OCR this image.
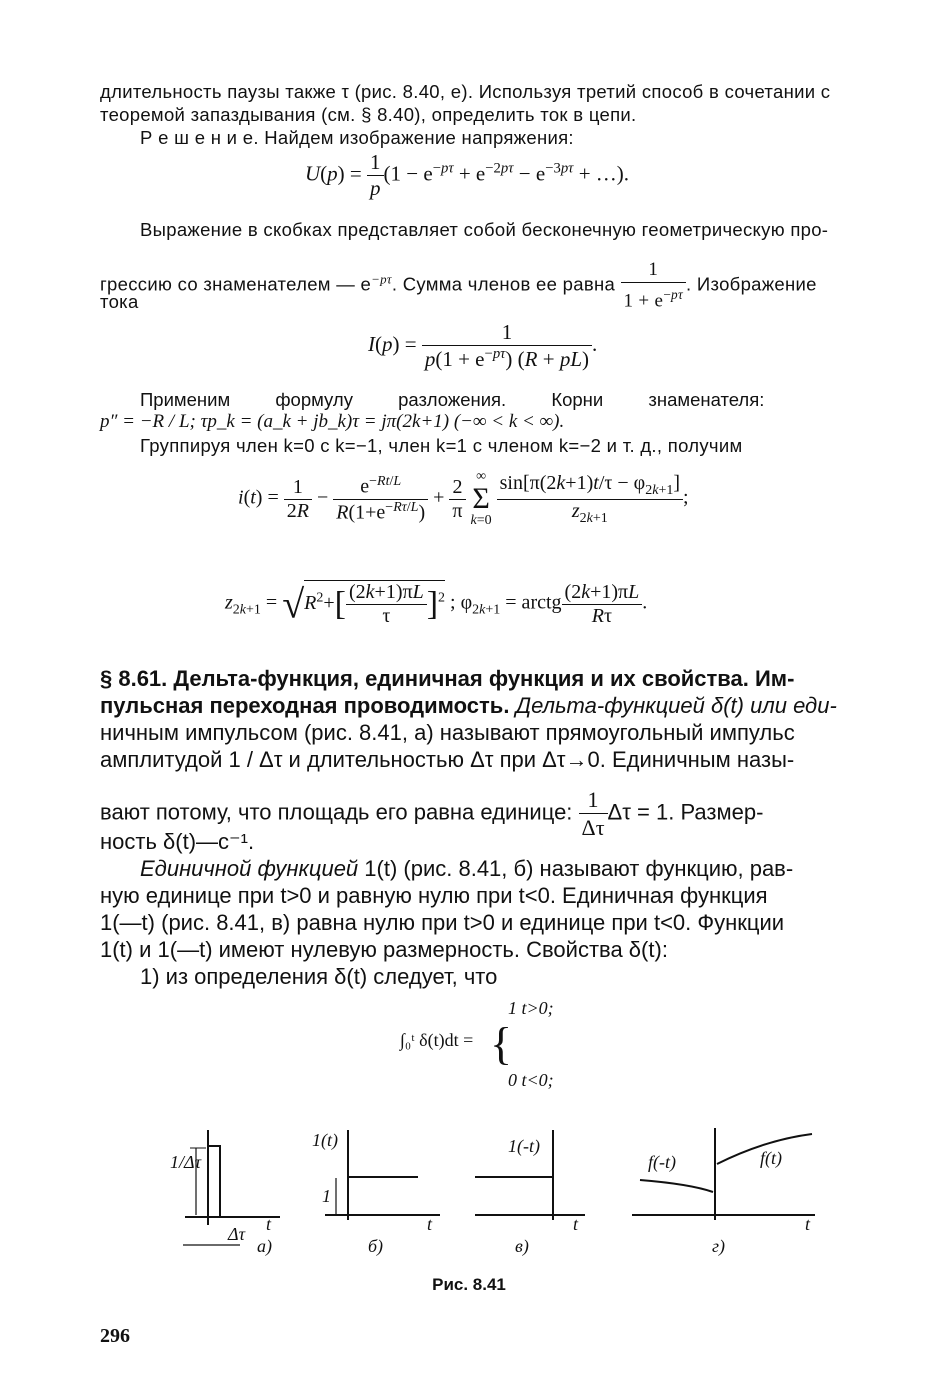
длительность паузы также τ (рис. 8.40, е). Используя третий способ в сочетании с
теоремой запаздывания (см. § 8.40), определить ток в цепи.
Р е ш е н и е. Найдем изображение напряжения:
$U(p) = \frac{1}{p} (1 - e^{-p\tau} + e^{-2p\tau} - e^{-3p\tau}$ + …).
Выражение в скобках представляет собой бесконечную геометрическую про-
грессию со знаменателем — $e^{-p\tau}$. Сумма членов ее равна $\frac{1}{1 + e^{-p\tau}}$ . Изображение
тока
$I(p) = \frac{1}{p(1 + e^{-p\tau}) (R + pL)}$ .
Применим формулу разложения. Корни знаменателя:
p″ = −R / L; τp_k = (a_k + jb_k)τ = jπ(2k+1) (−∞ < k < ∞).
Группируя член k=0 с k=−1, член k=1 с членом k=−2 и т. д., получим
$i(t) = \frac{1}{2R} - \frac{e^{-Rt/L}}{R(1+e^{-R\tau/L})} + \frac{2}{\pi}$ ∞
Σ
$k=0 \frac{\sin[\pi(2k+1)t/\tau - \varphi_{2k+1}]}{z_{2k+1}}$ ;
$z_{2k+1} = √R^2+[ \frac{(2k+1)\pi L}{\tau} ]^2$ ; $\varphi_{2k+1}$ = arctg $\frac{(2k+1)\pi L}{R\tau}$ .
§ 8.61. Дельта-функция, единичная функция и их свойства. Им-
пульсная переходная проводимость. Дельта-функцией δ(t) или еди-
ничным импульсом (рис. 8.41, а) называют прямоугольный импульс
амплитудой 1 / Δτ и длительностью Δτ при Δτ→0. Единичным назы-
вают потому, что площадь его равна единице: $\frac{1}{\Delta\tau}$ Δτ = 1. Размер-
ность δ(t)—c⁻¹.
Единичной функцией 1(t) (рис. 8.41, б) называют функцию, рав-
ную единице при t>0 и равную нулю при t<0. Единичная функция
1(—t) (рис. 8.41, в) равна нулю при t>0 и единице при t<0. Функции
1(t) и 1(—t) имеют нулевую размерность. Свойства δ(t):
1) из определения δ(t) следует, что
∫₀ᵗ δ(t)dt = {
1 t>0;
0 t<0;
1/Δτ
Δτ t
а)
1(t)
1
t
б)
1(-t)
t
в)
f(-t)	f(t)
t
г)
Рис. 8.41
296
